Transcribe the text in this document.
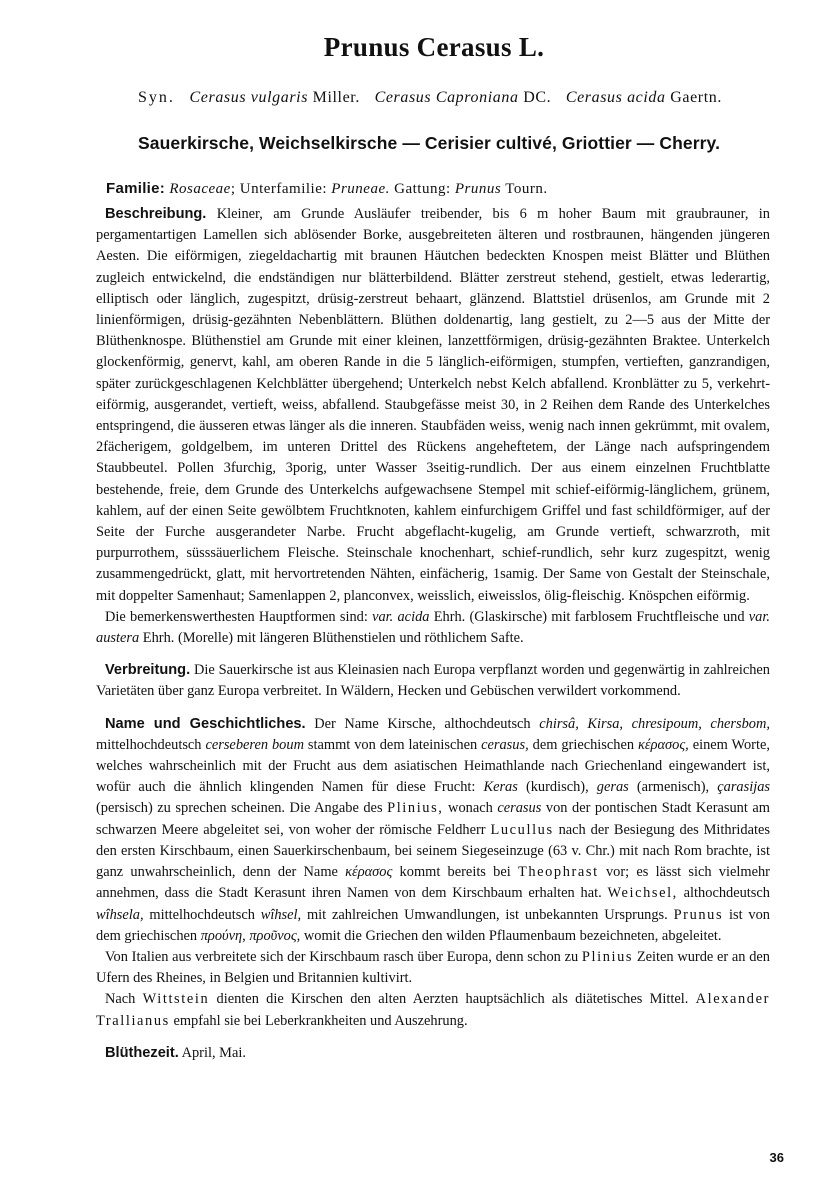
Prunus Cerasus L.
Syn. Cerasus vulgaris Miller. Cerasus Caproniana DC. Cerasus acida Gaertn.
Sauerkirsche, Weichselkirsche — Cerisier cultivé, Griottier — Cherry.
Familie: Rosaceae; Unterfamilie: Pruneae. Gattung: Prunus Tourn.

Beschreibung. Kleiner, am Grunde Ausläufer treibender, bis 6 m hoher Baum mit graubrauner, in pergamentartigen Lamellen sich ablösender Borke, ausgebreiteten älteren und rostbraunen, hängenden jüngeren Aesten. Die eiförmigen, ziegeldachartig mit braunen Häutchen bedeckten Knospen meist Blätter und Blüthen zugleich entwickelnd, die endständigen nur blätterbildend. Blätter zerstreut stehend, gestielt, etwas lederartig, elliptisch oder länglich, zugespitzt, drüsig-zerstreut behaart, glänzend. Blattstiel drüsenlos, am Grunde mit 2 linienförmigen, drüsig-gezähnten Nebenblättern. Blüthen doldenartig, lang gestielt, zu 2—5 aus der Mitte der Blüthenknospe. Blüthenstiel am Grunde mit einer kleinen, lanzettförmigen, drüsig-gezähnten Braktee. Unterkelch glockenförmig, genervt, kahl, am oberen Rande in die 5 länglich-eiförmigen, stumpfen, vertieften, ganzrandigen, später zurückgeschlagenen Kelchblätter übergehend; Unterkelch nebst Kelch abfallend. Kronblätter zu 5, verkehrt-eiförmig, ausgerandet, vertieft, weiss, abfallend. Staubgefässe meist 30, in 2 Reihen dem Rande des Unterkelches entspringend, die äusseren etwas länger als die inneren. Staubfäden weiss, wenig nach innen gekrümmt, mit ovalem, 2fächerigem, goldgelbem, im unteren Drittel des Rückens angeheftetem, der Länge nach aufspringendem Staubbeutel. Pollen 3furchig, 3porig, unter Wasser 3seitig-rundlich. Der aus einem einzelnen Fruchtblatte bestehende, freie, dem Grunde des Unterkelchs aufgewachsene Stempel mit schief-eiförmig-länglichem, grünem, kahlem, auf der einen Seite gewölbtem Fruchtknoten, kahlem einfurchigem Griffel und fast schildförmiger, auf der Seite der Furche ausgerandeter Narbe. Frucht abgeflacht-kugelig, am Grunde vertieft, schwarzroth, mit purpurrothem, süsssäuerlichem Fleische. Steinschale knochenhart, schief-rundlich, sehr kurz zugespitzt, wenig zusammengedrückt, glatt, mit hervortretenden Nähten, einfächerig, 1samig. Der Same von Gestalt der Steinschale, mit doppelter Samenhaut; Samenlappen 2, planconvex, weisslich, eiweisslos, ölig-fleischig. Knöspchen eiförmig.

Die bemerkenswerthesten Hauptformen sind: var. acida Ehrh. (Glaskirsche) mit farblosem Fruchtfleische und var. austera Ehrh. (Morelle) mit längeren Blüthenstielen und röthlichem Safte.

Verbreitung. Die Sauerkirsche ist aus Kleinasien nach Europa verpflanzt worden und gegenwärtig in zahlreichen Varietäten über ganz Europa verbreitet. In Wäldern, Hecken und Gebüschen verwildert vorkommend.

Name und Geschichtliches. Der Name Kirsche, althochdeutsch chirsâ, Kirsa, chresipoum, chersbom, mittelhochdeutsch cerseberen boum stammt von dem lateinischen cerasus, dem griechischen κέρασος, einem Worte, welches wahrscheinlich mit der Frucht aus dem asiatischen Heimathlande nach Griechenland eingewandert ist, wofür auch die ähnlich klingenden Namen für diese Frucht: Keras (kurdisch), geras (armenisch), çarasijas (persisch) zu sprechen scheinen. Die Angabe des Plinius, wonach cerasus von der pontischen Stadt Kerasunt am schwarzen Meere abgeleitet sei, von woher der römische Feldherr Lucullus nach der Besiegung des Mithridates den ersten Kirschbaum, einen Sauerkirschenbaum, bei seinem Siegeseinzuge (63 v. Chr.) mit nach Rom brachte, ist ganz unwahrscheinlich, denn der Name κέρασος kommt bereits bei Theophrast vor; es lässt sich vielmehr annehmen, dass die Stadt Kerasunt ihren Namen von dem Kirschbaum erhalten hat. Weichsel, althochdeutsch wîhsela, mittelhochdeutsch wîhsel, mit zahlreichen Umwandlungen, ist unbekannten Ursprungs. Prunus ist von dem griechischen προύνη, προῦνος, womit die Griechen den wilden Pflaumenbaum bezeichneten, abgeleitet.

Von Italien aus verbreitete sich der Kirschbaum rasch über Europa, denn schon zu Plinius Zeiten wurde er an den Ufern des Rheines, in Belgien und Britannien kultivirt.

Nach Wittstein dienten die Kirschen den alten Aerzten hauptsächlich als diätetisches Mittel. Alexander Trallianus empfahl sie bei Leberkrankheiten und Auszehrung.

Blüthezeit. April, Mai.

36
